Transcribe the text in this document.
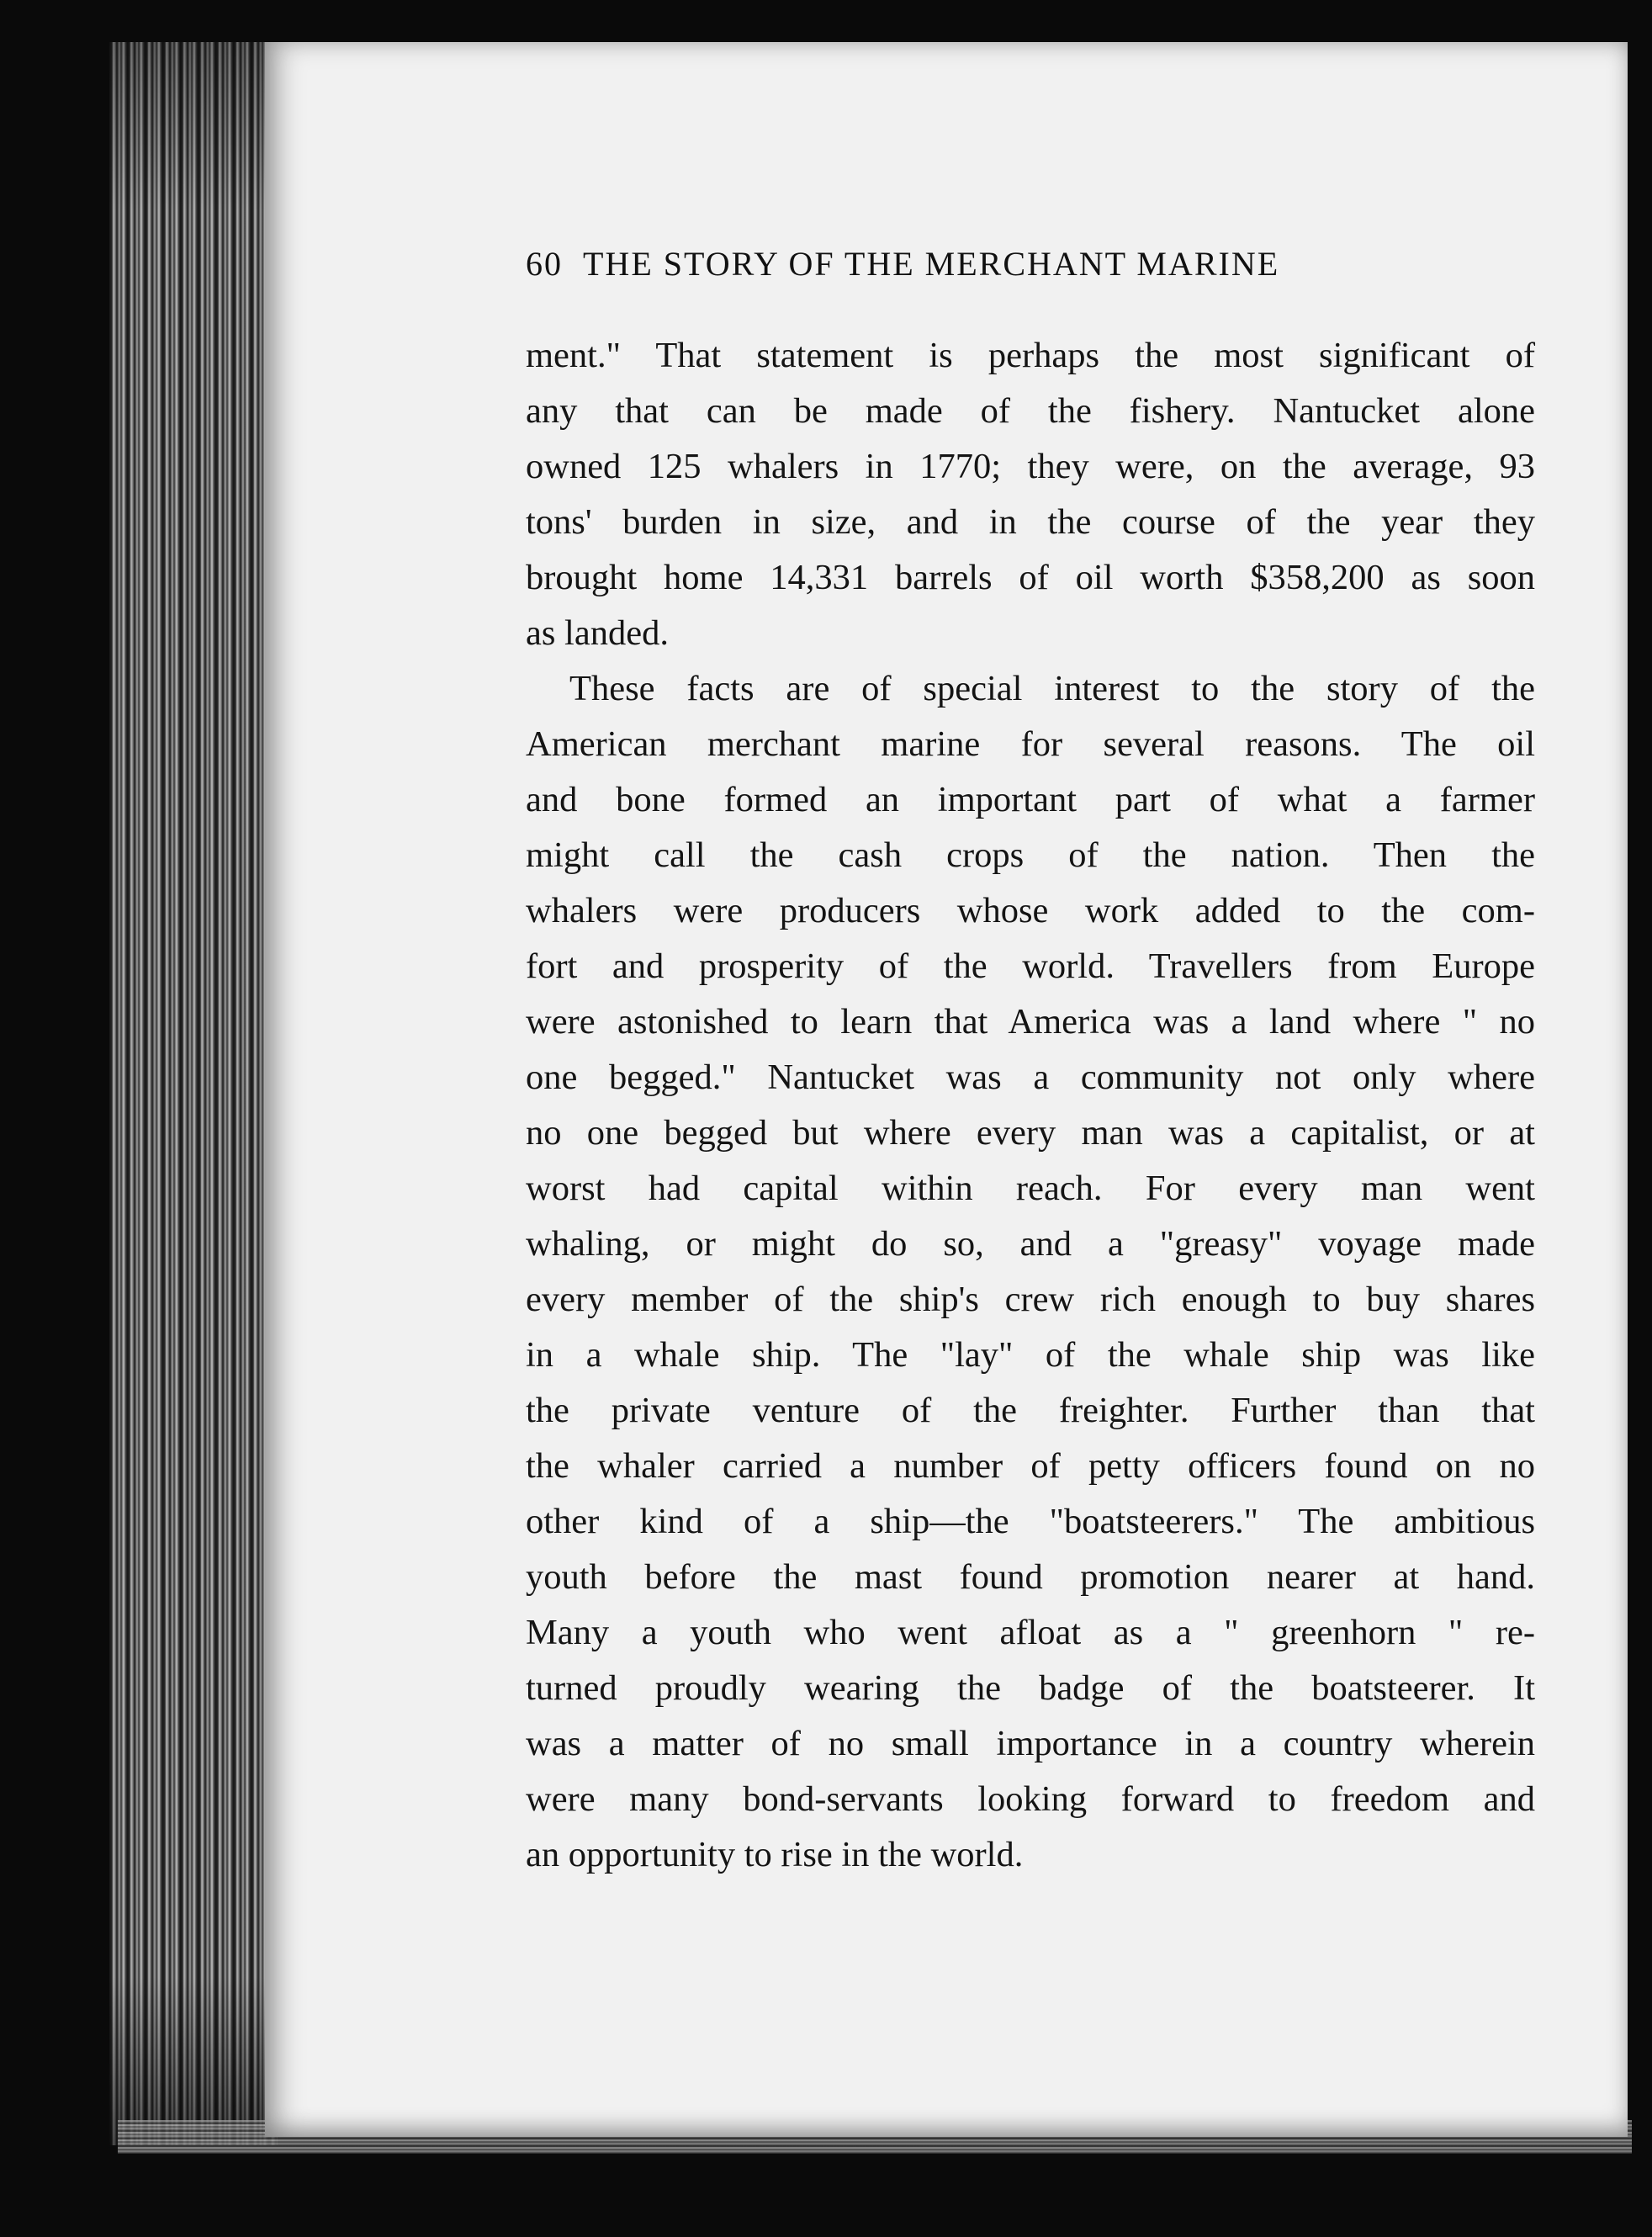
60 THE STORY OF THE MERCHANT MARINE
ment." That statement is perhaps the most significant of
any that can be made of the fishery. Nantucket alone
owned 125 whalers in 1770; they were, on the average, 93
tons' burden in size, and in the course of the year they
brought home 14,331 barrels of oil worth $358,200 as soon
as landed.
These facts are of special interest to the story of the
American merchant marine for several reasons. The oil
and bone formed an important part of what a farmer
might call the cash crops of the nation. Then the
whalers were producers whose work added to the com-
fort and prosperity of the world. Travellers from Europe
were astonished to learn that America was a land where " no
one begged." Nantucket was a community not only where
no one begged but where every man was a capitalist, or at
worst had capital within reach. For every man went
whaling, or might do so, and a "greasy" voyage made
every member of the ship's crew rich enough to buy shares
in a whale ship. The "lay" of the whale ship was like
the private venture of the freighter. Further than that
the whaler carried a number of petty officers found on no
other kind of a ship—the "boatsteerers." The ambitious
youth before the mast found promotion nearer at hand.
Many a youth who went afloat as a " greenhorn " re-
turned proudly wearing the badge of the boatsteerer. It
was a matter of no small importance in a country wherein
were many bond-servants looking forward to freedom and
an opportunity to rise in the world.
